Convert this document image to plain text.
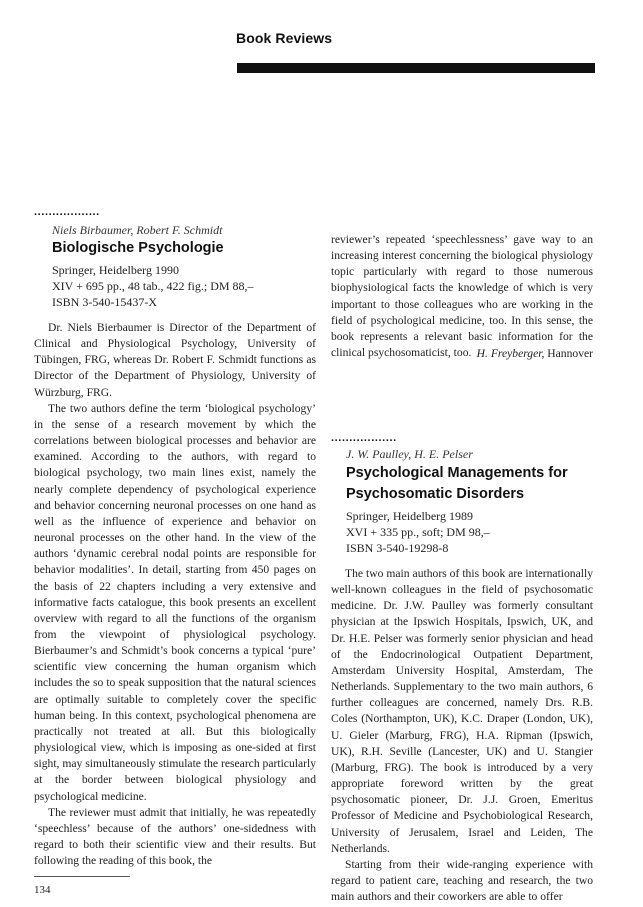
Book Reviews
..................
Niels Birbaumer, Robert F. Schmidt
Biologische Psychologie
Springer, Heidelberg 1990
XIV + 695 pp., 48 tab., 422 fig.; DM 88,–
ISBN 3-540-15437-X

Dr. Niels Bierbaumer is Director of the Department of Clinical and Physiological Psychology, University of Tübingen, FRG, whereas Dr. Robert F. Schmidt functions as Director of the Department of Physiology, University of Würzburg, FRG.

The two authors define the term ‘biological psychology’ in the sense of a research movement by which the correlations between biological processes and behavior are examined. According to the authors, with regard to biological psychology, two main lines exist, namely the nearly complete dependency of psychological experience and behavior concerning neuronal processes on one hand as well as the influence of experience and behavior on neuronal processes on the other hand. In the view of the authors ‘dynamic cerebral nodal points are responsible for behavior modalities’. In detail, starting from 450 pages on the basis of 22 chapters including a very extensive and informative facts catalogue, this book presents an excellent overview with regard to all the functions of the organism from the viewpoint of physiological psychology. Bierbaumer’s and Schmidt’s book concerns a typical ‘pure’ scientific view concerning the human organism which includes the so to speak supposition that the natural sciences are optimally suitable to completely cover the specific human being. In this context, psychological phenomena are practically not treated at all. But this biologically physiological view, which is imposing as one-sided at first sight, may simultaneously stimulate the research particularly at the border between biological physiology and psychological medicine.

The reviewer must admit that initially, he was repeatedly ‘speechless’ because of the authors’ one-sidedness with regard to both their scientific view and their results. But following the reading of this book, the

reviewer’s repeated ‘speechlessness’ gave way to an increasing interest concerning the biological physiology topic particularly with regard to those numerous biophysiological facts the knowledge of which is very important to those colleagues who are working in the field of psychological medicine, too. In this sense, the book represents a relevant basic information for the clinical psychosomaticist, too. H. Freyberger, Hannover
..................
J. W. Paulley, H. E. Pelser
Psychological Managements for
Psychosomatic Disorders
Springer, Heidelberg 1989
XVI + 335 pp., soft; DM 98,–
ISBN 3-540-19298-8

The two main authors of this book are internationally well-known colleagues in the field of psychosomatic medicine. Dr. J.W. Paulley was formerly consultant physician at the Ipswich Hospitals, Ipswich, UK, and Dr. H.E. Pelser was formerly senior physician and head of the Endocrinological Outpatient Department, Amsterdam University Hospital, Amsterdam, The Netherlands. Supplementary to the two main authors, 6 further colleagues are concerned, namely Drs. R.B. Coles (Northampton, UK), K.C. Draper (London, UK), U. Gieler (Marburg, FRG), H.A. Ripman (Ipswich, UK), R.H. Seville (Lancester, UK) and U. Stangier (Marburg, FRG). The book is introduced by a very appropriate foreword written by the great psychosomatic pioneer, Dr. J.J. Groen, Emeritus Professor of Medicine and Psychobiological Research, University of Jerusalem, Israel and Leiden, The Netherlands.

Starting from their wide-ranging experience with regard to patient care, teaching and research, the two main authors and their coworkers are able to offer

134
